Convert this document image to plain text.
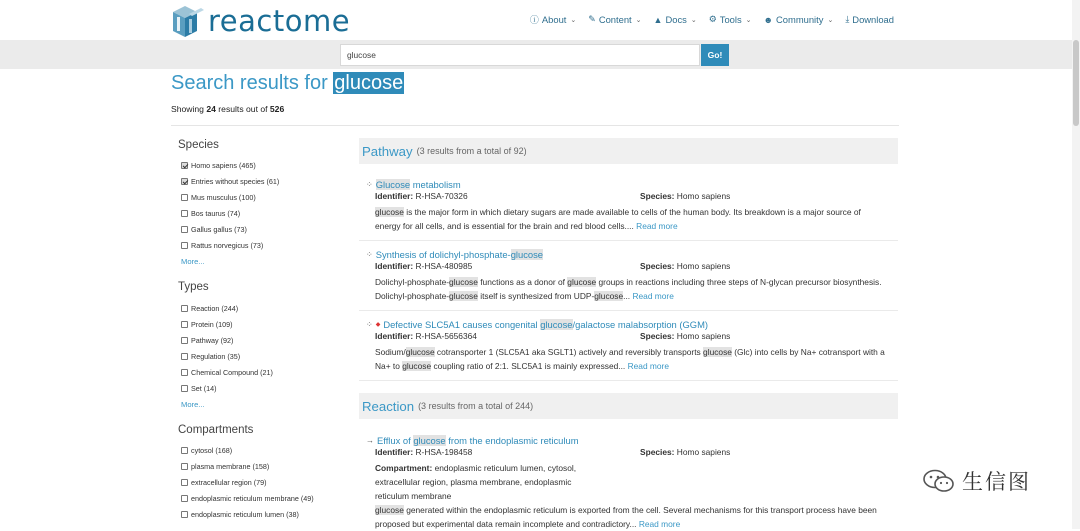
reactome	ⓘ About ⌄ ✎ Content ⌄ ▲ Docs ⌄ ⚙ Tools ⌄ ☻ Community ⌄ ⤓ Download
glucose
Go!
Search results for glucose
Showing 24 results out of 526
Species
Homo sapiens (465)
Entries without species (61)
Mus musculus (100)
Bos taurus (74)
Gallus gallus (73)
Rattus norvegicus (73)
More...
Types
Reaction (244)
Protein (109)
Pathway (92)
Regulation (35)
Chemical Compound (21)
Set (14)
More...
Compartments
cytosol (168)
plasma membrane (158)
extracellular region (79)
endoplasmic reticulum membrane (49)
endoplasmic reticulum lumen (38)
Pathway (3 results from a total of 92)
⁘ Glucose metabolism
Identifier: R-HSA-70326	Species: Homo sapiens
glucose is the major form in which dietary sugars are made available to cells of the human body. Its breakdown is a major source of energy for all cells, and is essential for the brain and red blood cells.... Read more
⁘ Synthesis of dolichyl-phosphate-glucose
Identifier: R-HSA-480985	Species: Homo sapiens
Dolichyl-phosphate-glucose functions as a donor of glucose groups in reactions including three steps of N-glycan precursor biosynthesis. Dolichyl-phosphate-glucose itself is synthesized from UDP-glucose... Read more
⁘ ◆ Defective SLC5A1 causes congenital glucose/galactose malabsorption (GGM)
Identifier: R-HSA-5656364	Species: Homo sapiens
Sodium/glucose cotransporter 1 (SLC5A1 aka SGLT1) actively and reversibly transports glucose (Glc) into cells by Na+ cotransport with a Na+ to glucose coupling ratio of 2:1. SLC5A1 is mainly expressed... Read more
Reaction (3 results from a total of 244)
→ Efflux of glucose from the endoplasmic reticulum
Identifier: R-HSA-198458	Species: Homo sapiens
Compartment: endoplasmic reticulum lumen, cytosol, extracellular region, plasma membrane, endoplasmic reticulum membrane
glucose generated within the endoplasmic reticulum is exported from the cell. Several mechanisms for this transport process have been proposed but experimental data remain incomplete and contradictory... Read more
生信图
